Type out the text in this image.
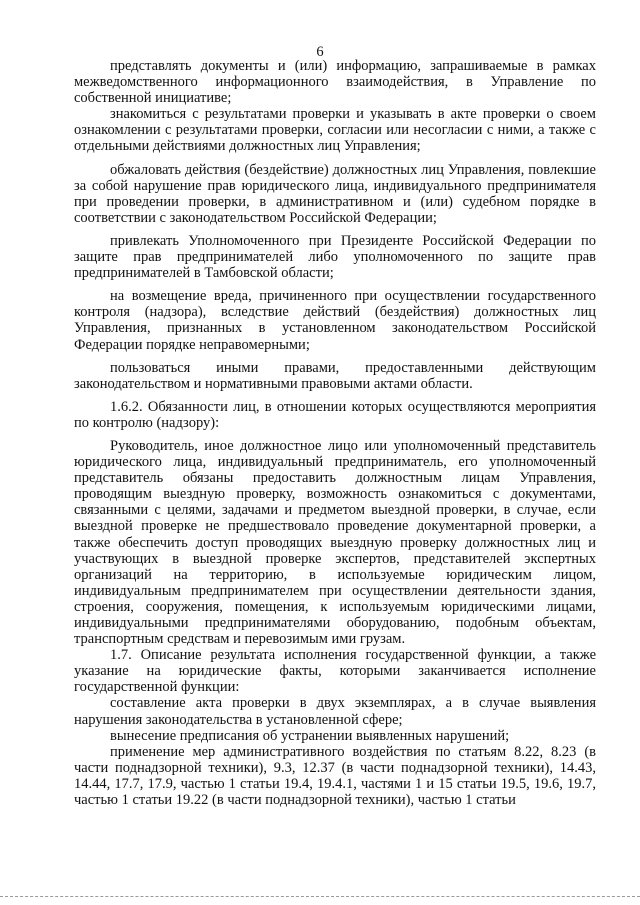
6

представлять документы и (или) информацию, запрашиваемые в рамках межведомственного информационного взаимодействия, в Управление по собственной инициативе;

знакомиться с результатами проверки и указывать в акте проверки о своем ознакомлении с результатами проверки, согласии или несогласии с ними, а также с отдельными действиями должностных лиц Управления;

обжаловать действия (бездействие) должностных лиц Управления, повлекшие за собой нарушение прав юридического лица, индивидуального предпринимателя при проведении проверки, в административном и (или) судебном порядке в соответствии с законодательством Российской Федерации;

привлекать Уполномоченного при Президенте Российской Федерации по защите прав предпринимателей либо уполномоченного по защите прав предпринимателей в Тамбовской области;

на возмещение вреда, причиненного при осуществлении государственного контроля (надзора), вследствие действий (бездействия) должностных лиц Управления, признанных в установленном законодательством Российской Федерации порядке неправомерными;

пользоваться иными правами, предоставленными действующим законодательством и нормативными правовыми актами области.

1.6.2. Обязанности лиц, в отношении которых осуществляются мероприятия по контролю (надзору):

Руководитель, иное должностное лицо или уполномоченный представитель юридического лица, индивидуальный предприниматель, его уполномоченный представитель обязаны предоставить должностным лицам Управления, проводящим выездную проверку, возможность ознакомиться с документами, связанными с целями, задачами и предметом выездной проверки, в случае, если выездной проверке не предшествовало проведение документарной проверки, а также обеспечить доступ проводящих выездную проверку должностных лиц и участвующих в выездной проверке экспертов, представителей экспертных организаций на территорию, в используемые юридическим лицом, индивидуальным предпринимателем при осуществлении деятельности здания, строения, сооружения, помещения, к используемым юридическими лицами, индивидуальными предпринимателями оборудованию, подобным объектам, транспортным средствам и перевозимым ими грузам.

1.7. Описание результата исполнения государственной функции, а также указание на юридические факты, которыми заканчивается исполнение государственной функции:

составление акта проверки в двух экземплярах, а в случае выявления нарушения законодательства в установленной сфере;

вынесение предписания об устранении выявленных нарушений;

применение мер административного воздействия по статьям 8.22, 8.23 (в части поднадзорной техники), 9.3, 12.37 (в части поднадзорной техники), 14.43, 14.44, 17.7, 17.9, частью 1 статьи 19.4, 19.4.1, частями 1 и 15 статьи 19.5, 19.6, 19.7, частью 1 статьи 19.22 (в части поднадзорной техники), частью 1 статьи
